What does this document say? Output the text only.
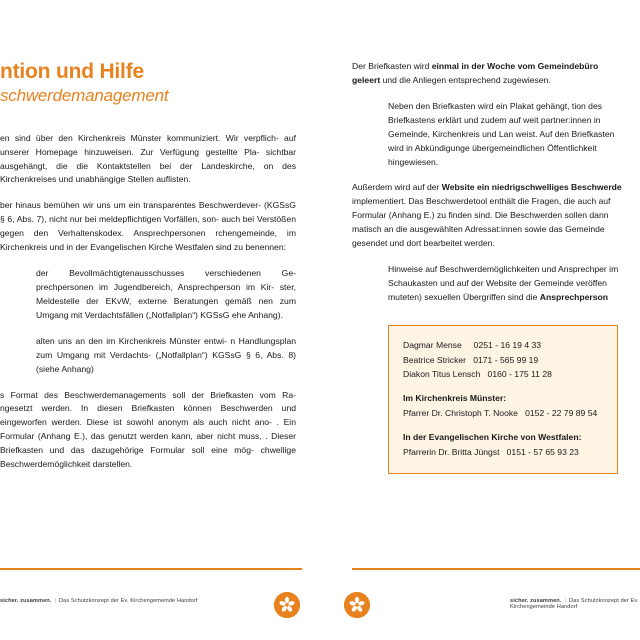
ntion und Hilfe
schwerdemanagement

en sind über den Kirchenkreis Münster kommuniziert. Wir verpflich- auf unserer Homepage hinzuweisen. Zur Verfügung gestellte Pla- sichtbar ausgehängt, die die Kontaktstellen bei der Landeskirche, on des Kirchenkreises und unabhängige Stellen auflisten.

ber hinaus bemühen wir uns um ein transparentes Beschwerdever- (KGSsG § 6, Abs. 7), nicht nur bei meldepflichtigen Vorfällen, son- auch bei Verstößen gegen den Verhaltenskodex. Ansprechpersonen rchengemeinde, im Kirchenkreis und in der Evangelischen Kirche Westfalen sind zu benennen:

der Bevollmächtigtenausschusses verschiedenen Ge- prechpersonen im Jugendbereich, Ansprechperson im Kir- ster, Meldestelle der EKvW, externe Beratungen gemäß nen zum Umgang mit Verdachtsfällen („Notfallplan“) KGSsG ehe Anhang).

alten uns an den im Kirchenkreis Münster entwi- n Handlungsplan zum Umgang mit Verdachts- („Notfallplan“) KGSsG § 6, Abs. 8) (siehe Anhang)

s Format des Beschwerdemanagements soll der Briefkasten vom Ra- ngesetzt werden. In diesen Briefkasten können Beschwerden und eingeworfen werden. Diese ist sowohl anonym als auch nicht ano- . Ein Formular (Anhang E.), das genutzt werden kann, aber nicht muss, . Dieser Briefkasten und das dazugehörige Formular soll eine mög- chwellige Beschwerdemöglichkeit darstellen.

sicher. zusammen. | Das Schutzkonzept der Ev. Kirchengemeinde Handorf

Der Briefkasten wird einmal in der Woche vom Gemeindebüro geleert und die Anliegen entsprechend zugewiesen.

Neben den Briefkasten wird ein Plakat gehängt, tion des Briefkastens erklärt und zudem auf weit partner:innen in Gemeinde, Kirchenkreis und Lan weist. Auf den Briefkasten wird in Abkündigunge übergemeindlichen Öffentlichkeit hingewiesen.

Außerdem wird auf der Website ein niedrigschwelliges Beschwerde implementiert. Das Beschwerdetool enthält die Fragen, die auch auf Formular (Anhang E.) zu finden sind. Die Beschwerden sollen dann matisch an die ausgewählten Adressat:innen sowie das Gemeinde gesendet und dort bearbeitet werden.

Hinweise auf Beschwerdemöglichkeiten und Ansprechper im Schaukasten und auf der Website der Gemeinde veröffen muteten) sexuellen Übergriffen sind die Ansprechperson

Dagmar Mense     0251 - 16 19 4 33
Beatrice Stricker   0171 - 565 99 19
Diakon Titus Lensch   0160 - 175 11 28
Im Kirchenkreis Münster:
Pfarrer Dr. Christoph T. Nooke   0152 - 22 79 89 54
In der Evangelischen Kirche von Westfalen:
Pfarrerin Dr. Britta Jüngst   0151 - 57 65 93 23
sicher. zusammen. | Das Schutzkonzept der Ev. Kirchengemeinde Handorf
